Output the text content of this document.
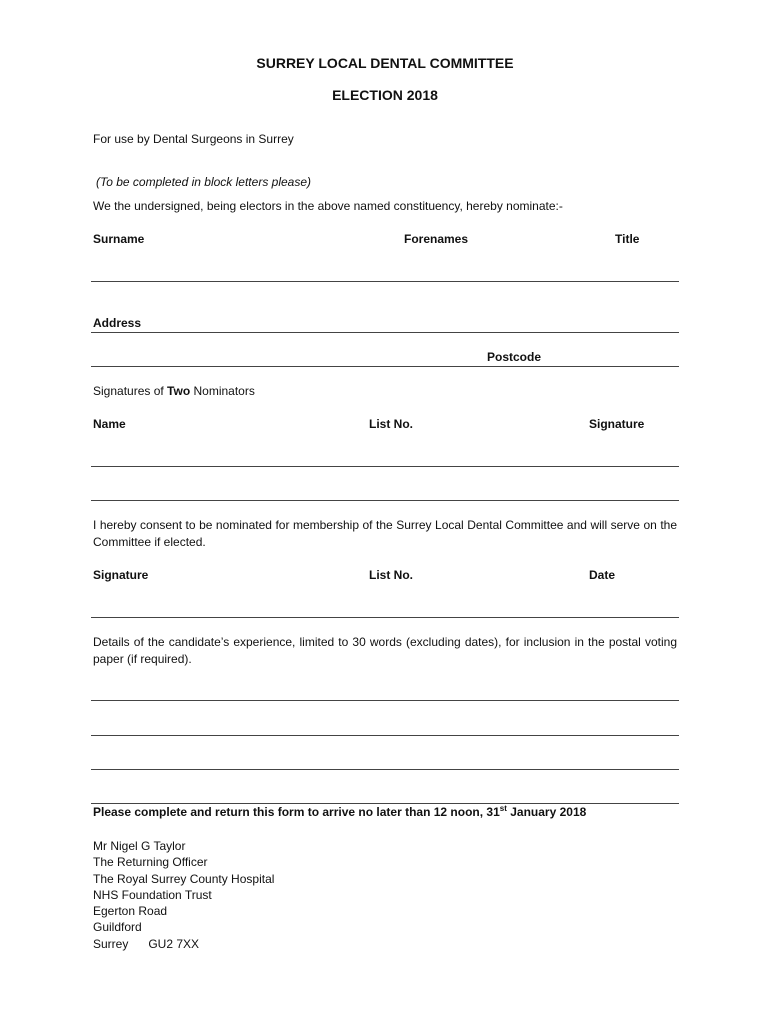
SURREY LOCAL DENTAL COMMITTEE
ELECTION 2018
For use by Dental Surgeons in Surrey
(To be completed in block letters please)
We the undersigned, being electors in the above named constituency, hereby nominate:-
Surname	Forenames	Title
Address
Postcode
Signatures of Two Nominators
Name	List No.	Signature
I hereby consent to be nominated for membership of the Surrey Local Dental Committee and will serve on the Committee if elected.
Signature	List No.	Date
Details of the candidate’s experience, limited to 30 words (excluding dates), for inclusion in the postal voting paper (if required).
Please complete and return this form to arrive no later than 12 noon, 31st January 2018
Mr Nigel G Taylor
The Returning Officer
The Royal Surrey County Hospital
NHS Foundation Trust
Egerton Road
Guildford
Surrey      GU2 7XX
